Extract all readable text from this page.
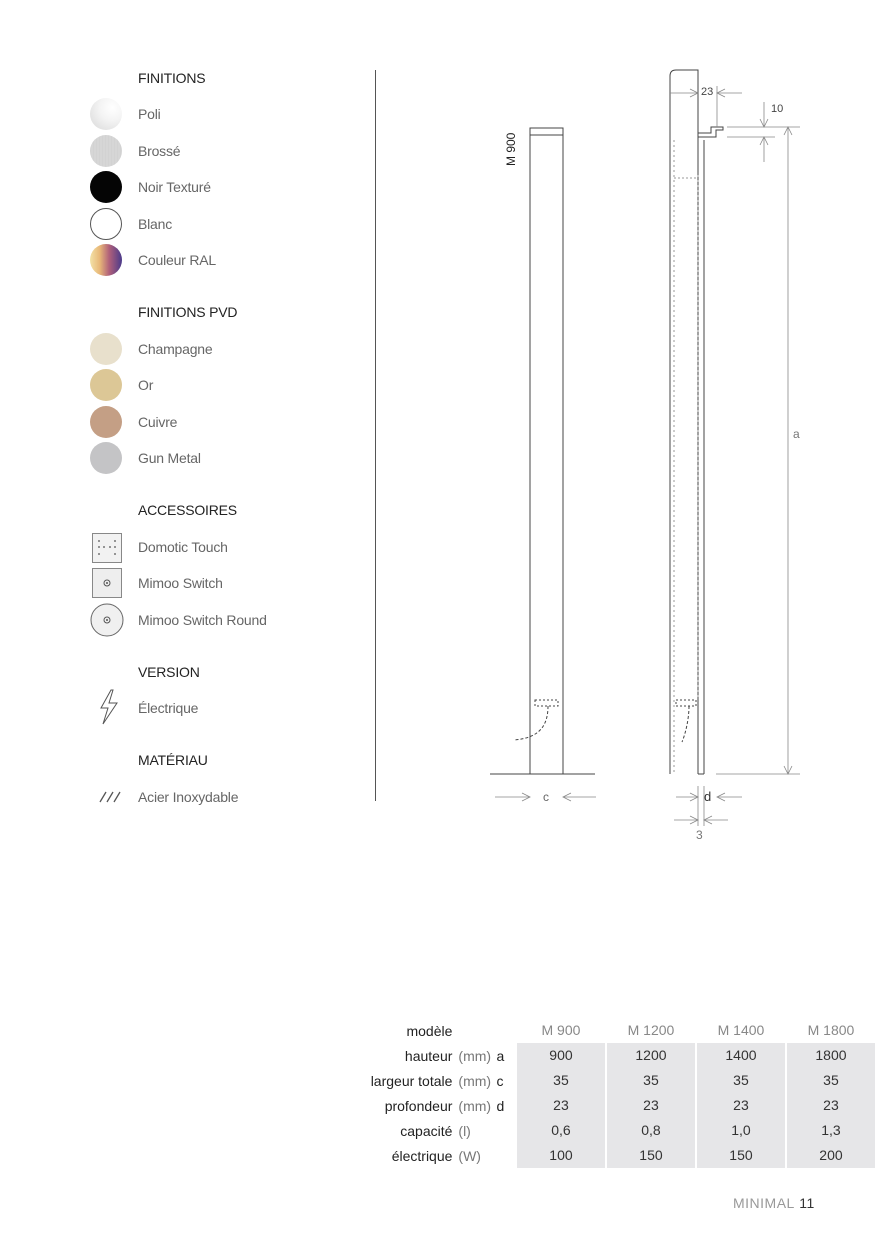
FINITIONS
Poli
Brossé
Noir Texturé
Blanc
Couleur RAL
FINITIONS PVD
Champagne
Or
Cuivre
Gun Metal
ACCESSOIRES
Domotic Touch
Mimoo Switch
Mimoo Switch Round
VERSION
Électrique
MATÉRIAU
Acier Inoxydable
M 900
c
23
10
a
d
3
modèle			M 900	M 1200	M 1400	M 1800

hauteur	(mm)	a	900	1200	1400	1800

largeur totale	(mm)	c	35	35	35	35

profondeur	(mm)	d	23	23	23	23

capacité	(l)		0,6	0,8	1,0	1,3

électrique	(W)		100	150	150	200
MINIMAL 11
